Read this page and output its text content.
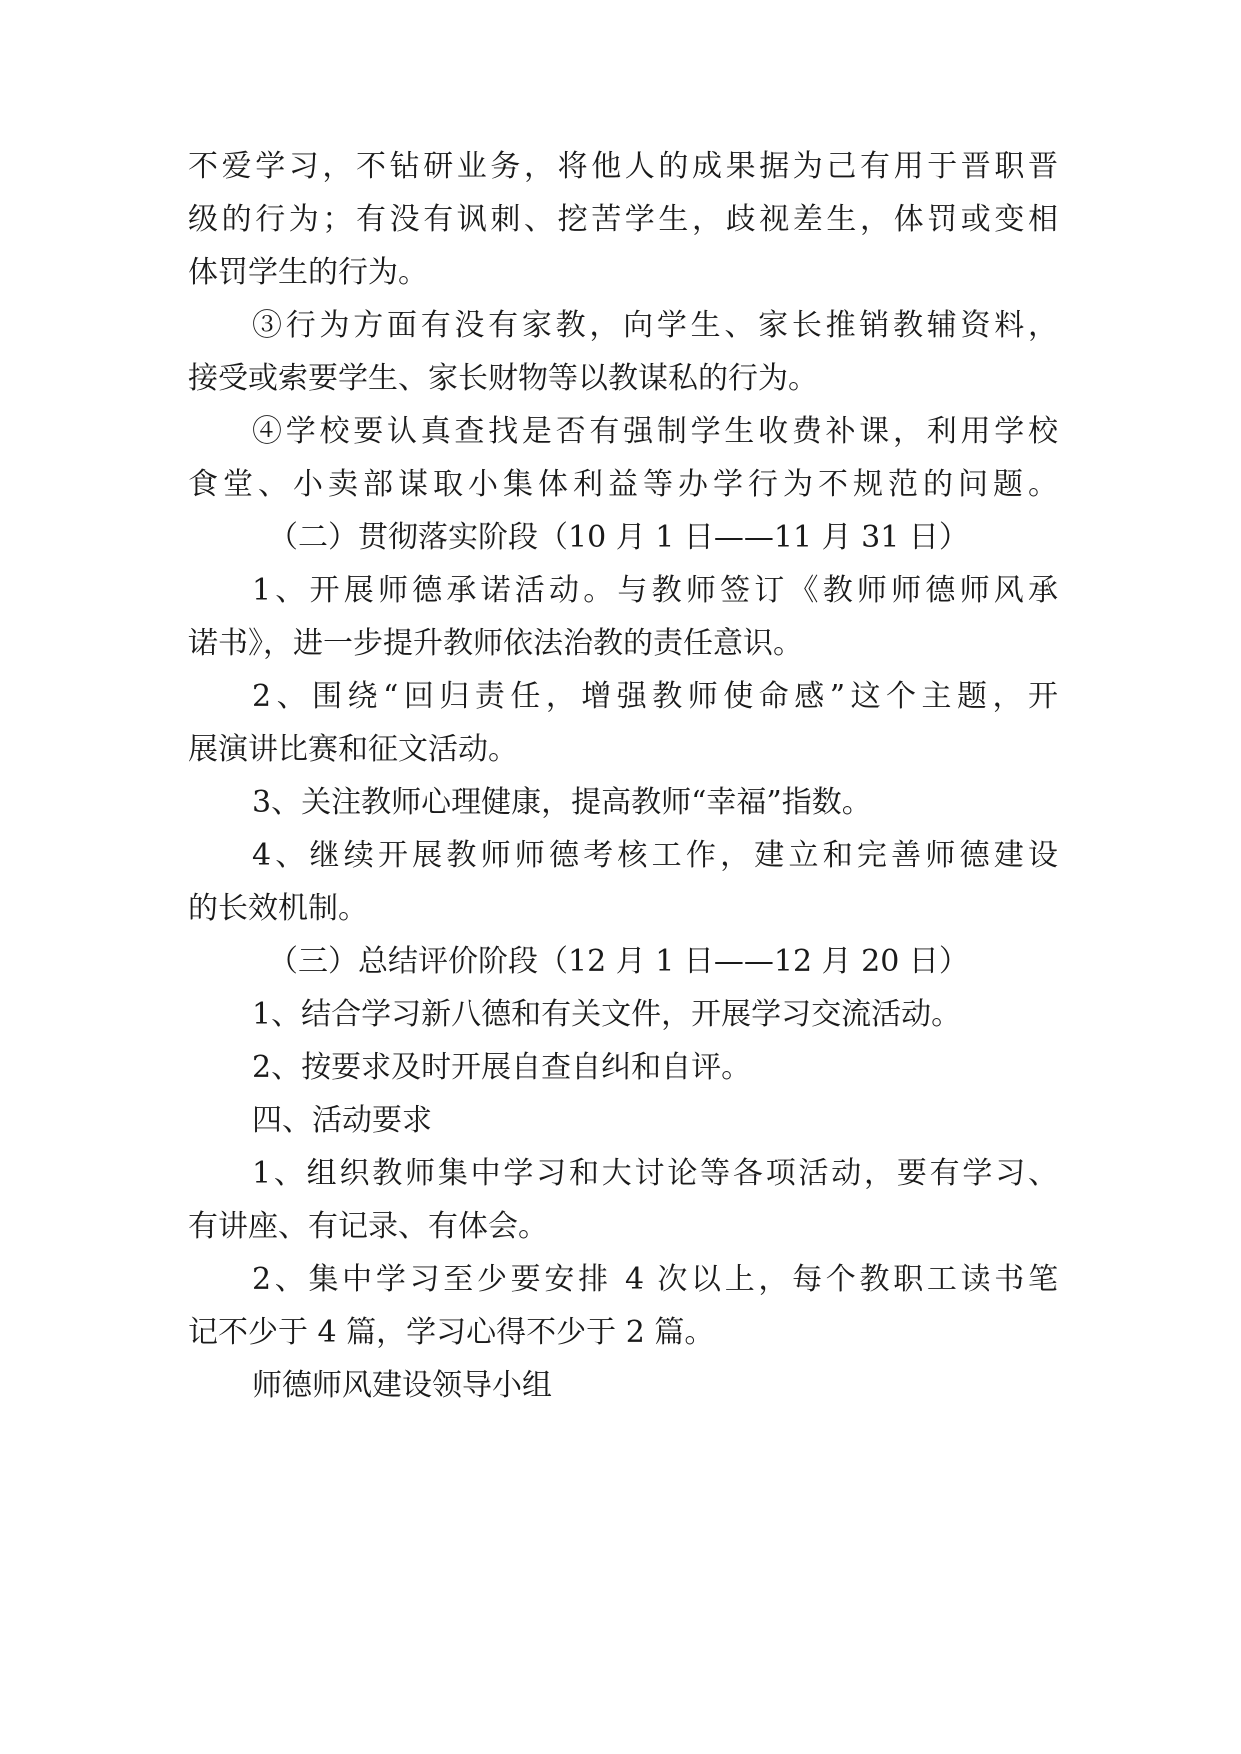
不爱学习，不钻研业务，将他人的成果据为己有用于晋职晋
级的行为；有没有讽刺、挖苦学生，歧视差生，体罚或变相
体罚学生的行为。
③行为方面有没有家教，向学生、家长推销教辅资料，
接受或索要学生、家长财物等以教谋私的行为。
④学校要认真查找是否有强制学生收费补课，利用学校
食堂、小卖部谋取小集体利益等办学行为不规范的问题。
（二）贯彻落实阶段（10 月 1 日——11 月 31 日）
1、开展师德承诺活动。与教师签订《教师师德师风承
诺书》，进一步提升教师依法治教的责任意识。
2、围绕“回归责任，增强教师使命感”这个主题，开
展演讲比赛和征文活动。
3、关注教师心理健康，提高教师“幸福”指数。
4、继续开展教师师德考核工作，建立和完善师德建设
的长效机制。
（三）总结评价阶段（12 月 1 日——12 月 20 日）
1、结合学习新八德和有关文件，开展学习交流活动。
2、按要求及时开展自查自纠和自评。
四、活动要求
1、组织教师集中学习和大讨论等各项活动，要有学习、
有讲座、有记录、有体会。
2、集中学习至少要安排 4 次以上，每个教职工读书笔
记不少于 4 篇，学习心得不少于 2 篇。
师德师风建设领导小组
